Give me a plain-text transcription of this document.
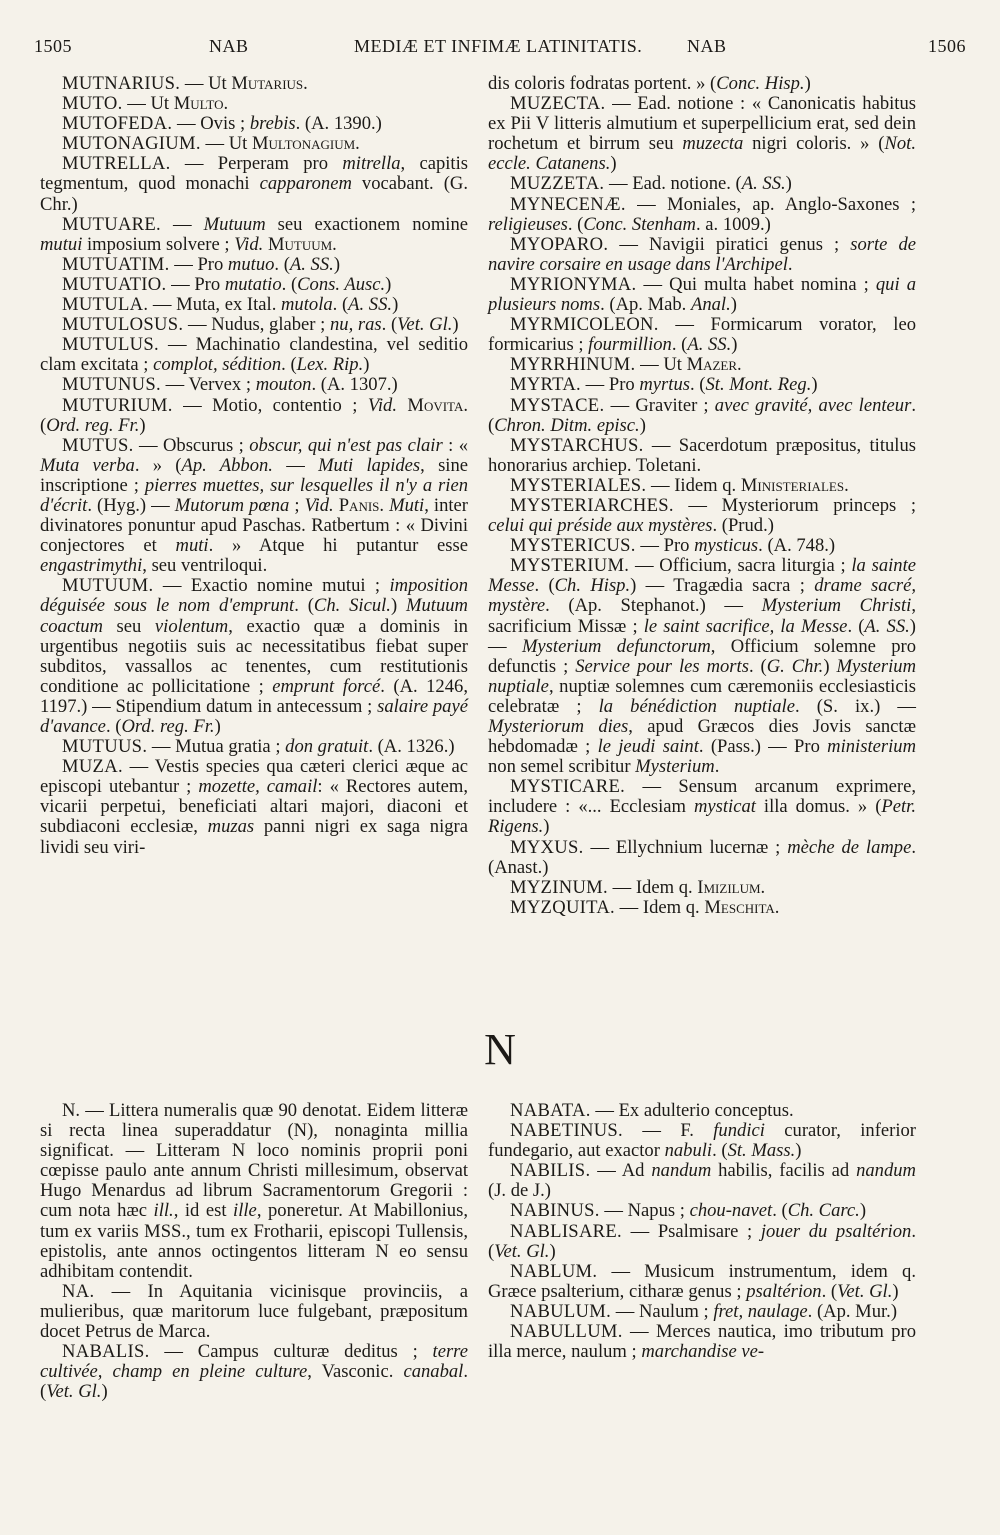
1505	NAB	MEDIÆ ET INFIMÆ LATINITATIS. NAB	1506

MUTNARIUS. — Ut Mutarius.

MUTO. — Ut Multo.

MUTOFEDA. — Ovis ; brebis. (A. 1390.)

MUTONAGIUM. — Ut Multonagium.

MUTRELLA. — Perperam pro mitrella, capitis tegmentum, quod monachi capparonem vocabant. (G. Chr.)

MUTUARE. — Mutuum seu exactionem nomine mutui imposium solvere ; Vid. Mutuum.

MUTUATIM. — Pro mutuo. (A. SS.)

MUTUATIO. — Pro mutatio. (Cons. Ausc.)

MUTULA. — Muta, ex Ital. mutola. (A. SS.)

MUTULOSUS. — Nudus, glaber ; nu, ras. (Vet. Gl.)

MUTULUS. — Machinatio clandestina, vel seditio clam excitata ; complot, sédition. (Lex. Rip.)

MUTUNUS. — Vervex ; mouton. (A. 1307.)

MUTURIUM. — Motio, contentio ; Vid. Movita. (Ord. reg. Fr.)

MUTUS. — Obscurus ; obscur, qui n'est pas clair : « Muta verba. » (Ap. Abbon. — Muti lapides, sine inscriptione ; pierres muettes, sur lesquelles il n'y a rien d'écrit. (Hyg.) — Mutorum pœna ; Vid. Panis. Muti, inter divinatores ponuntur apud Paschas. Ratbertum : « Divini conjectores et muti. » Atque hi putantur esse engastrimythi, seu ventriloqui.

MUTUUM. — Exactio nomine mutui ; imposition déguisée sous le nom d'emprunt. (Ch. Sicul.) Mutuum coactum seu violentum, exactio quæ a dominis in urgentibus negotiis suis ac necessitatibus fiebat super subditos, vassallos ac tenentes, cum restitutionis conditione ac pollicitatione ; emprunt forcé. (A. 1246, 1197.) — Stipendium datum in antecessum ; salaire payé d'avance. (Ord. reg. Fr.)

MUTUUS. — Mutua gratia ; don gratuit. (A. 1326.)

MUZA. — Vestis species qua cæteri clerici æque ac episcopi utebantur ; mozette, camail: « Rectores autem, vicarii perpetui, beneficiati altari majori, diaconi et subdiaconi ecclesiæ, muzas panni nigri ex saga nigra lividi seu viri-

dis coloris fodratas portent. » (Conc. Hisp.)

MUZECTA. — Ead. notione : « Canonicatis habitus ex Pii V litteris almutium et superpellicium erat, sed dein rochetum et birrum seu muzecta nigri coloris. » (Not. eccle. Catanens.)

MUZZETA. — Ead. notione. (A. SS.)

MYNECENÆ. — Moniales, ap. Anglo-Saxones ; religieuses. (Conc. Stenham. a. 1009.)

MYOPARO. — Navigii piratici genus ; sorte de navire corsaire en usage dans l'Archipel.

MYRIONYMA. — Qui multa habet nomina ; qui a plusieurs noms. (Ap. Mab. Anal.)

MYRMICOLEON. — Formicarum vorator, leo formicarius ; fourmillion. (A. SS.)

MYRRHINUM. — Ut Mazer.

MYRTA. — Pro myrtus. (St. Mont. Reg.)

MYSTACE. — Graviter ; avec gravité, avec lenteur. (Chron. Ditm. episc.)

MYSTARCHUS. — Sacerdotum præpositus, titulus honorarius archiep. Toletani.

MYSTERIALES. — Iidem q. Ministeriales.

MYSTERIARCHES. — Mysteriorum princeps ; celui qui préside aux mystères. (Prud.)

MYSTERICUS. — Pro mysticus. (A. 748.)

MYSTERIUM. — Officium, sacra liturgia ; la sainte Messe. (Ch. Hisp.) — Tragædia sacra ; drame sacré, mystère. (Ap. Stephanot.) — Mysterium Christi, sacrificium Missæ ; le saint sacrifice, la Messe. (A. SS.) — Mysterium defunctorum, Officium solemne pro defunctis ; Service pour les morts. (G. Chr.) Mysterium nuptiale, nuptiæ solemnes cum cæremoniis ecclesiasticis celebratæ ; la bénédiction nuptiale. (S. ix.) — Mysteriorum dies, apud Græcos dies Jovis sanctæ hebdomadæ ; le jeudi saint. (Pass.) — Pro ministerium non semel scribitur Mysterium.

MYSTICARE. — Sensum arcanum exprimere, includere : «... Ecclesiam mysticat illa domus. » (Petr. Rigens.)

MYXUS. — Ellychnium lucernæ ; mèche de lampe. (Anast.)

MYZINUM. — Idem q. Imizilum.

MYZQUITA. — Idem q. Meschita.

N

N. — Littera numeralis quæ 90 denotat. Eidem litteræ si recta linea superaddatur (N), nonaginta millia significat. — Litteram N loco nominis proprii poni cœpisse paulo ante annum Christi millesimum, observat Hugo Menardus ad librum Sacramentorum Gregorii : cum nota hæc ill., id est ille, poneretur. At Mabillonius, tum ex variis MSS., tum ex Frotharii, episcopi Tullensis, epistolis, ante annos octingentos litteram N eo sensu adhibitam contendit.

NA. — In Aquitania vicinisque provinciis, a mulieribus, quæ maritorum luce fulgebant, præpositum docet Petrus de Marca.

NABALIS. — Campus culturæ deditus ; terre cultivée, champ en pleine culture, Vasconic. canabal. (Vet. Gl.)

NABATA. — Ex adulterio conceptus.

NABETINUS. — F. fundici curator, inferior fundegario, aut exactor nabuli. (St. Mass.)

NABILIS. — Ad nandum habilis, facilis ad nandum (J. de J.)

NABINUS. — Napus ; chou-navet. (Ch. Carc.)

NABLISARE. — Psalmisare ; jouer du psaltérion. (Vet. Gl.)

NABLUM. — Musicum instrumentum, idem q. Græce psalterium, citharæ genus ; psaltérion. (Vet. Gl.)

NABULUM. — Naulum ; fret, naulage. (Ap. Mur.)

NABULLUM. — Merces nautica, imo tributum pro illa merce, naulum ; marchandise ve-
